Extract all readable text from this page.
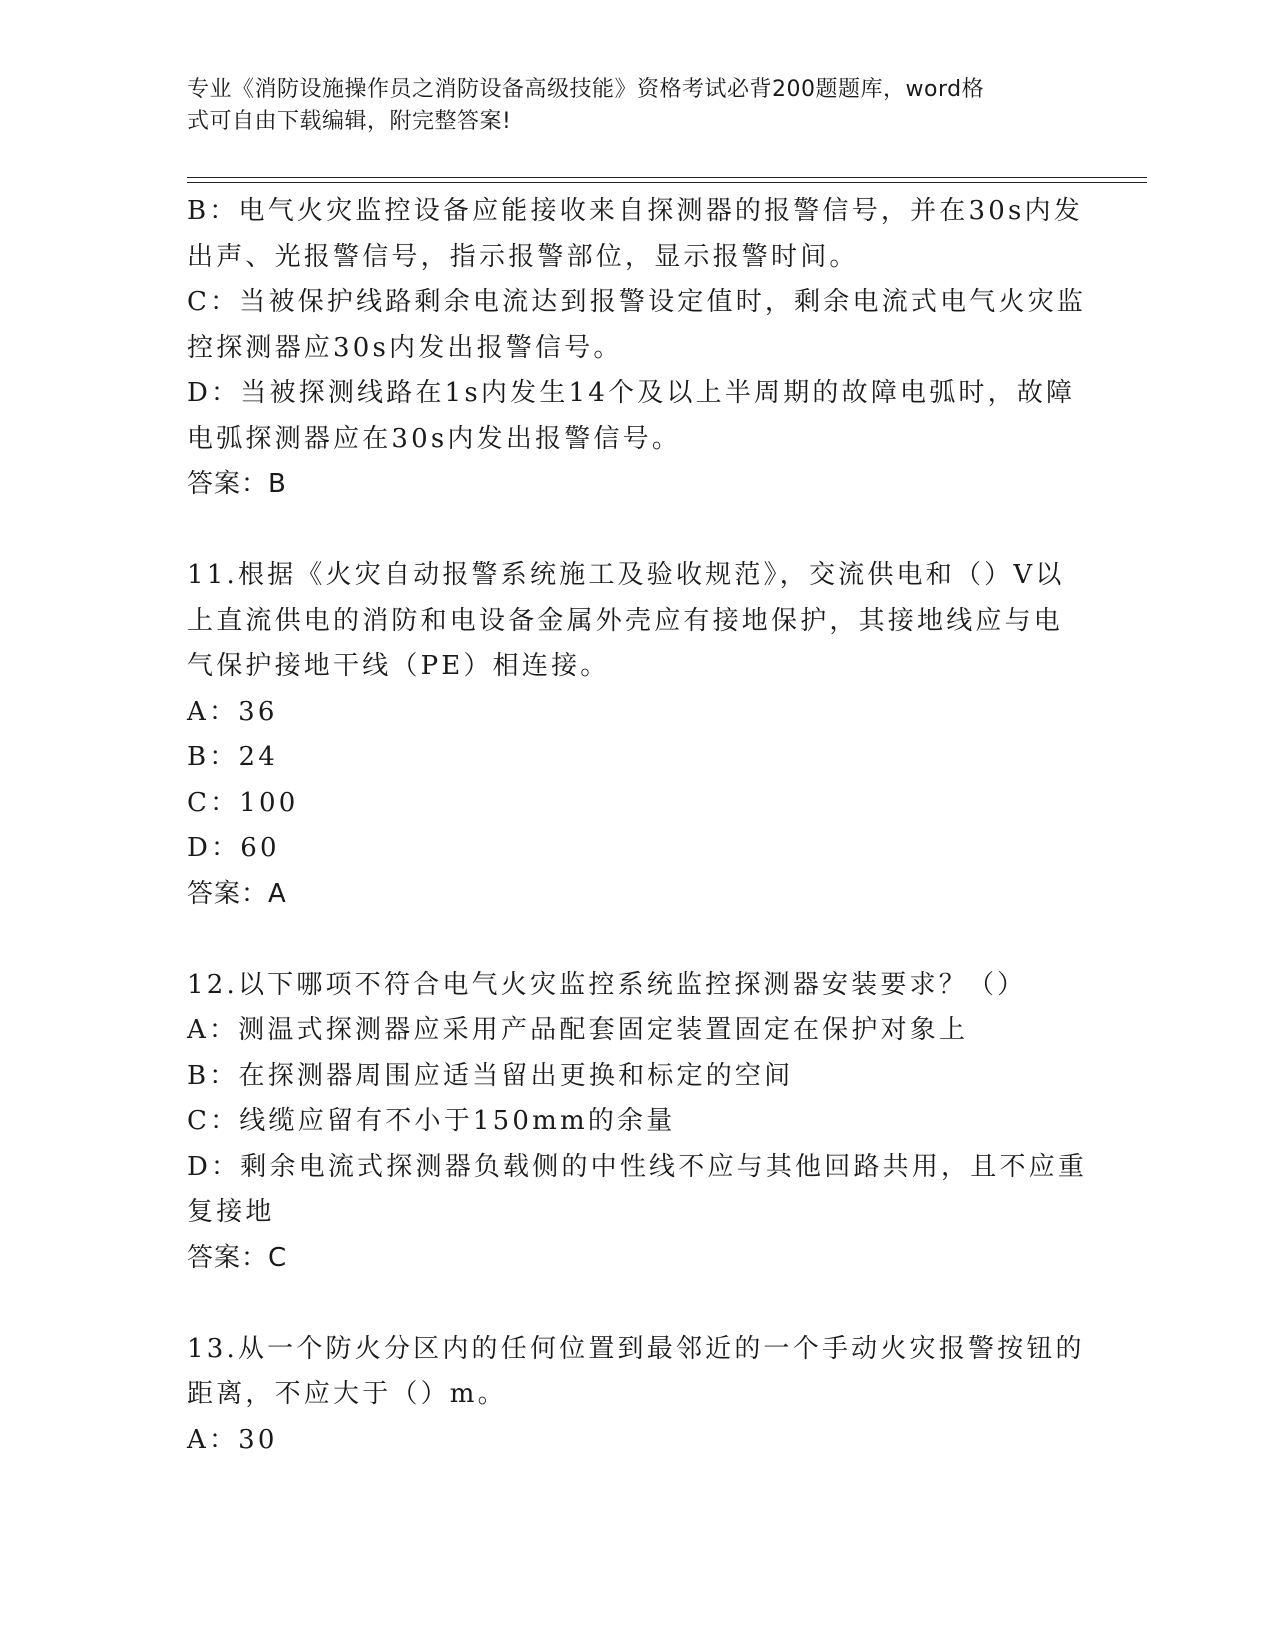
专业《消防设施操作员之消防设备高级技能》资格考试必背200题题库，word格
式可自由下载编辑，附完整答案!
B：电气火灾监控设备应能接收来自探测器的报警信号，并在30s内发
出声、光报警信号，指示报警部位，显示报警时间。
C：当被保护线路剩余电流达到报警设定值时，剩余电流式电气火灾监
控探测器应30s内发出报警信号。
D：当被探测线路在1s内发生14个及以上半周期的故障电弧时，故障
电弧探测器应在30s内发出报警信号。
答案：B
11.根据《火灾自动报警系统施工及验收规范》，交流供电和（）V以
上直流供电的消防和电设备金属外壳应有接地保护，其接地线应与电
气保护接地干线（PE）相连接。
A：36
B：24
C：100
D：60
答案：A
12.以下哪项不符合电气火灾监控系统监控探测器安装要求？（）
A：测温式探测器应采用产品配套固定装置固定在保护对象上
B：在探测器周围应适当留出更换和标定的空间
C：线缆应留有不小于150mm的余量
D：剩余电流式探测器负载侧的中性线不应与其他回路共用，且不应重
复接地
答案：C
13.从一个防火分区内的任何位置到最邻近的一个手动火灾报警按钮的
距离，不应大于（）m。
A：30
